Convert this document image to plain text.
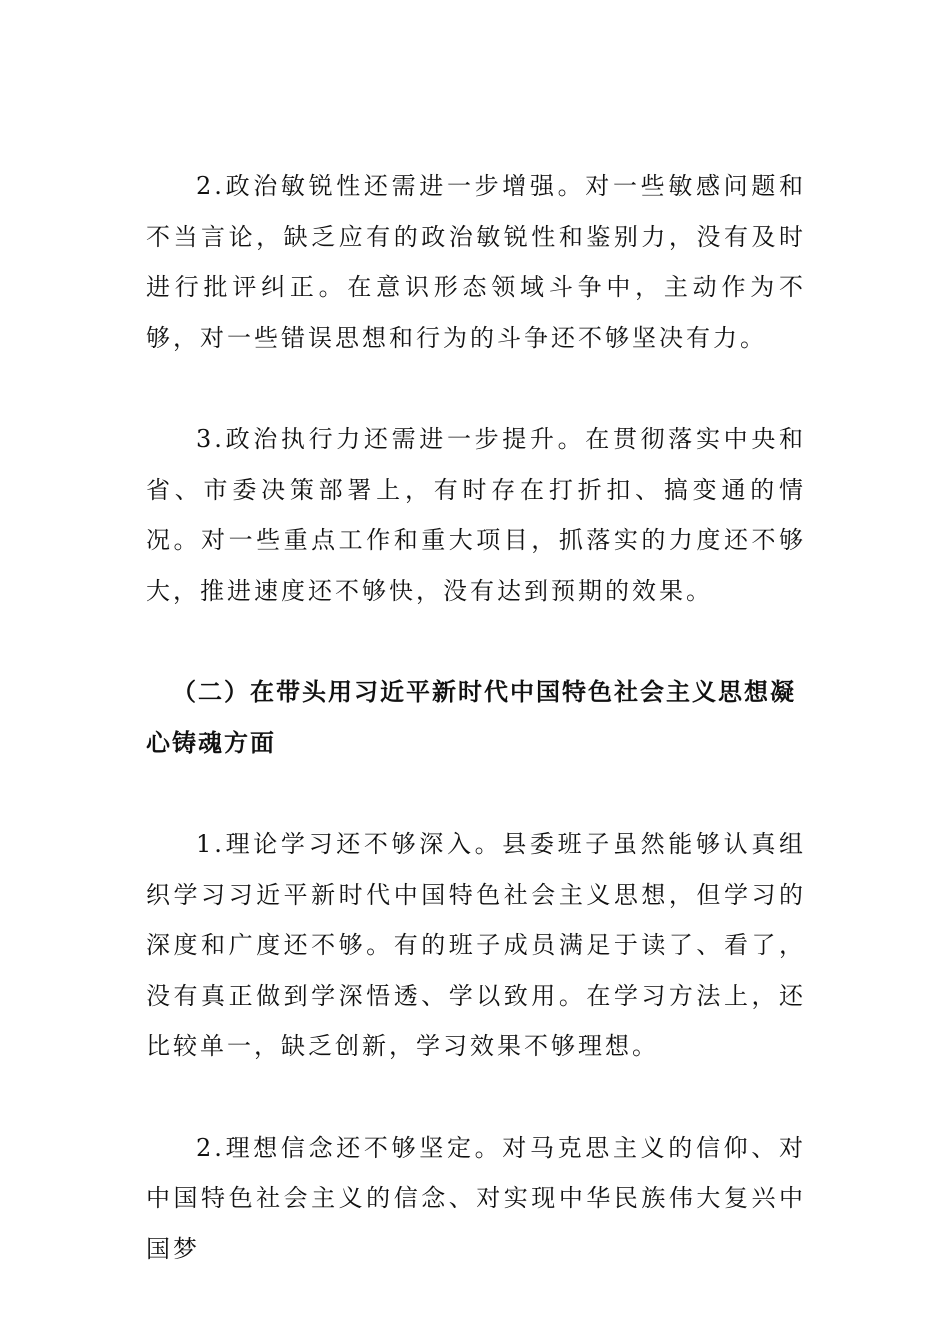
2.政治敏锐性还需进一步增强。对一些敏感问题和不当言论，缺乏应有的政治敏锐性和鉴别力，没有及时进行批评纠正。在意识形态领域斗争中，主动作为不够，对一些错误思想和行为的斗争还不够坚决有力。

3.政治执行力还需进一步提升。在贯彻落实中央和省、市委决策部署上，有时存在打折扣、搞变通的情况。对一些重点工作和重大项目，抓落实的力度还不够大，推进速度还不够快，没有达到预期的效果。

（二）在带头用习近平新时代中国特色社会主义思想凝心铸魂方面

1.理论学习还不够深入。县委班子虽然能够认真组织学习习近平新时代中国特色社会主义思想，但学习的深度和广度还不够。有的班子成员满足于读了、看了，没有真正做到学深悟透、学以致用。在学习方法上，还比较单一，缺乏创新，学习效果不够理想。

2.理想信念还不够坚定。对马克思主义的信仰、对中国特色社会主义的信念、对实现中华民族伟大复兴中国梦
